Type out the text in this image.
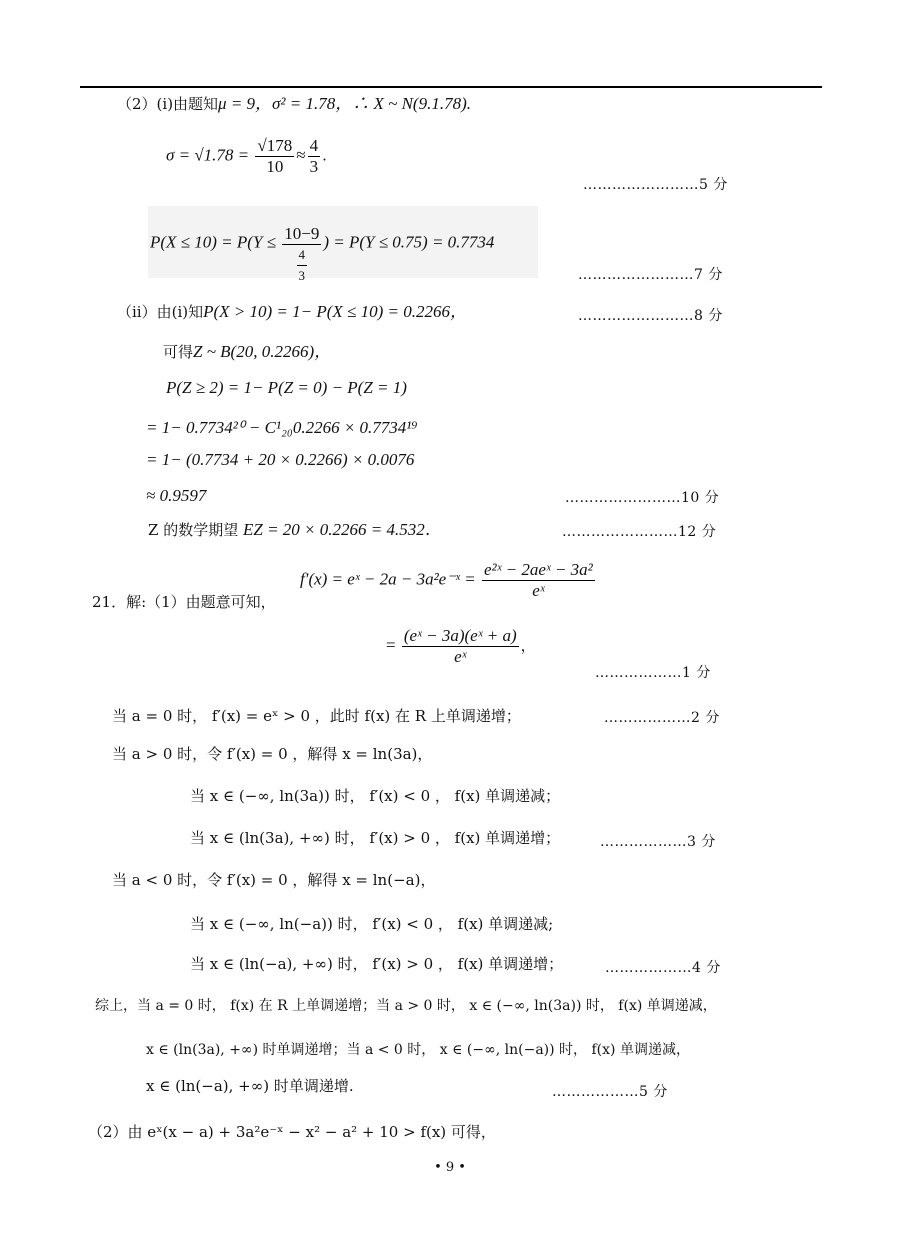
（2）(i)由题知μ = 9，σ² = 1.78，∴ X ~ N(9.1.78).
$\sigma = √1.78 = \frac{√178}{10} \approx \frac{4}{3}$ .
……………………5 分
$P(X \le 10) = P(Y \le \frac{10-9}{\frac{4}{3}}$ ) = P(Y ≤ 0.75) = 0.7734
……………………7 分
（ii）由(i)知P(X > 10) = 1− P(X ≤ 10) = 0.2266，	……………………8 分
可得Z ~ B(20, 0.2266)，
P(Z ≥ 2) = 1− P(Z = 0) − P(Z = 1)
= 1− 0.7734²⁰ − C¹₂₀0.2266 × 0.7734¹⁹
= 1− (0.7734 + 20 × 0.2266) × 0.0076
≈ 0.9597	……………………10 分
Z 的数学期望 EZ = 20 × 0.2266 = 4.532．	……………………12 分
21．解:（1）由题意可知，
f′(x) = eˣ − 2a − 3a²e⁻ˣ = $\frac{\text{e²ˣ − 2aeˣ − 3a²}}{\text{eˣ}}$
= $\frac{\text{(eˣ − 3a)(eˣ + a)}}{\text{eˣ}}$ ，
………………1 分
当 a = 0 时， f′(x) = eˣ > 0 ，此时 f(x) 在 R 上单调递增；	………………2 分
当 a > 0 时，令 f′(x) = 0 ，解得 x = ln(3a)，
当 x ∈ (−∞, ln(3a)) 时， f′(x) < 0 ， f(x) 单调递减；
当 x ∈ (ln(3a), +∞) 时， f′(x) > 0 ， f(x) 单调递增；	………………3 分
当 a < 0 时，令 f′(x) = 0 ，解得 x = ln(−a)，
当 x ∈ (−∞, ln(−a)) 时， f′(x) < 0 ， f(x) 单调递减;
当 x ∈ (ln(−a), +∞) 时， f′(x) > 0 ， f(x) 单调递增；	………………4 分
综上，当 a = 0 时， f(x) 在 R 上单调递增；当 a > 0 时， x ∈ (−∞, ln(3a)) 时， f(x) 单调递减，
x ∈ (ln(3a), +∞) 时单调递增；当 a < 0 时， x ∈ (−∞, ln(−a)) 时， f(x) 单调递减，
x ∈ (ln(−a), +∞) 时单调递增.	………………5 分
（2）由 eˣ(x − a) + 3a²e⁻ˣ − x² − a² + 10 > f(x) 可得，
• 9 •
